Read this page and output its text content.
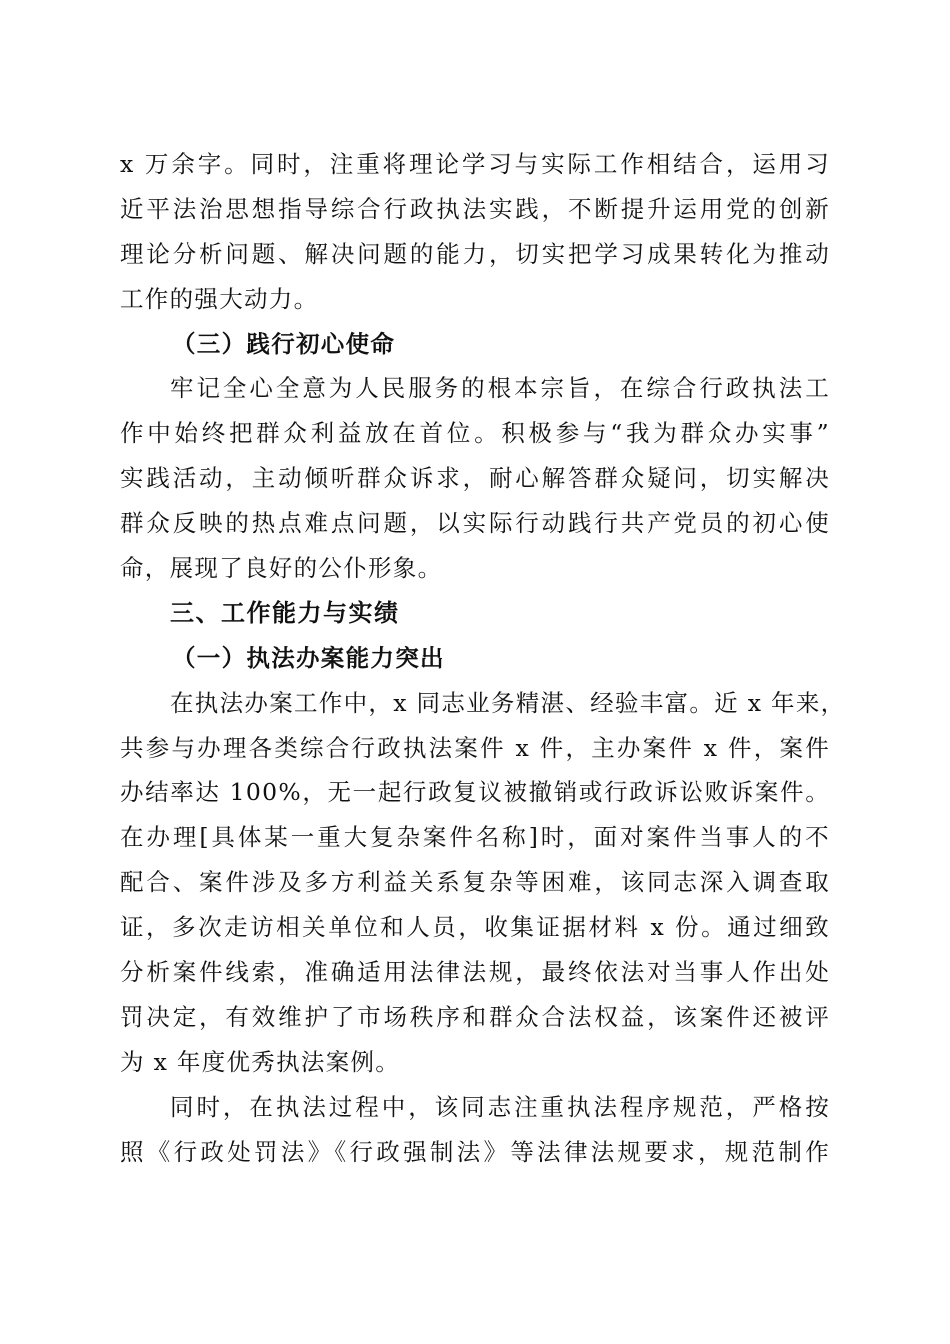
x 万余字。同时，注重将理论学习与实际工作相结合，运用习
近平法治思想指导综合行政执法实践，不断提升运用党的创新
理论分析问题、解决问题的能力，切实把学习成果转化为推动
工作的强大动力。
（三）践行初心使命
牢记全心全意为人民服务的根本宗旨，在综合行政执法工
作中始终把群众利益放在首位。积极参与“我为群众办实事”
实践活动，主动倾听群众诉求，耐心解答群众疑问，切实解决
群众反映的热点难点问题，以实际行动践行共产党员的初心使
命，展现了良好的公仆形象。
三、工作能力与实绩
（一）执法办案能力突出
在执法办案工作中，x 同志业务精湛、经验丰富。近 x 年来，
共参与办理各类综合行政执法案件 x 件，主办案件 x 件，案件
办结率达 100%，无一起行政复议被撤销或行政诉讼败诉案件。
在办理[具体某一重大复杂案件名称]时，面对案件当事人的不
配合、案件涉及多方利益关系复杂等困难，该同志深入调查取
证，多次走访相关单位和人员，收集证据材料 x 份。通过细致
分析案件线索，准确适用法律法规，最终依法对当事人作出处
罚决定，有效维护了市场秩序和群众合法权益，该案件还被评
为 x 年度优秀执法案例。
同时，在执法过程中，该同志注重执法程序规范，严格按
照《行政处罚法》《行政强制法》等法律法规要求，规范制作
